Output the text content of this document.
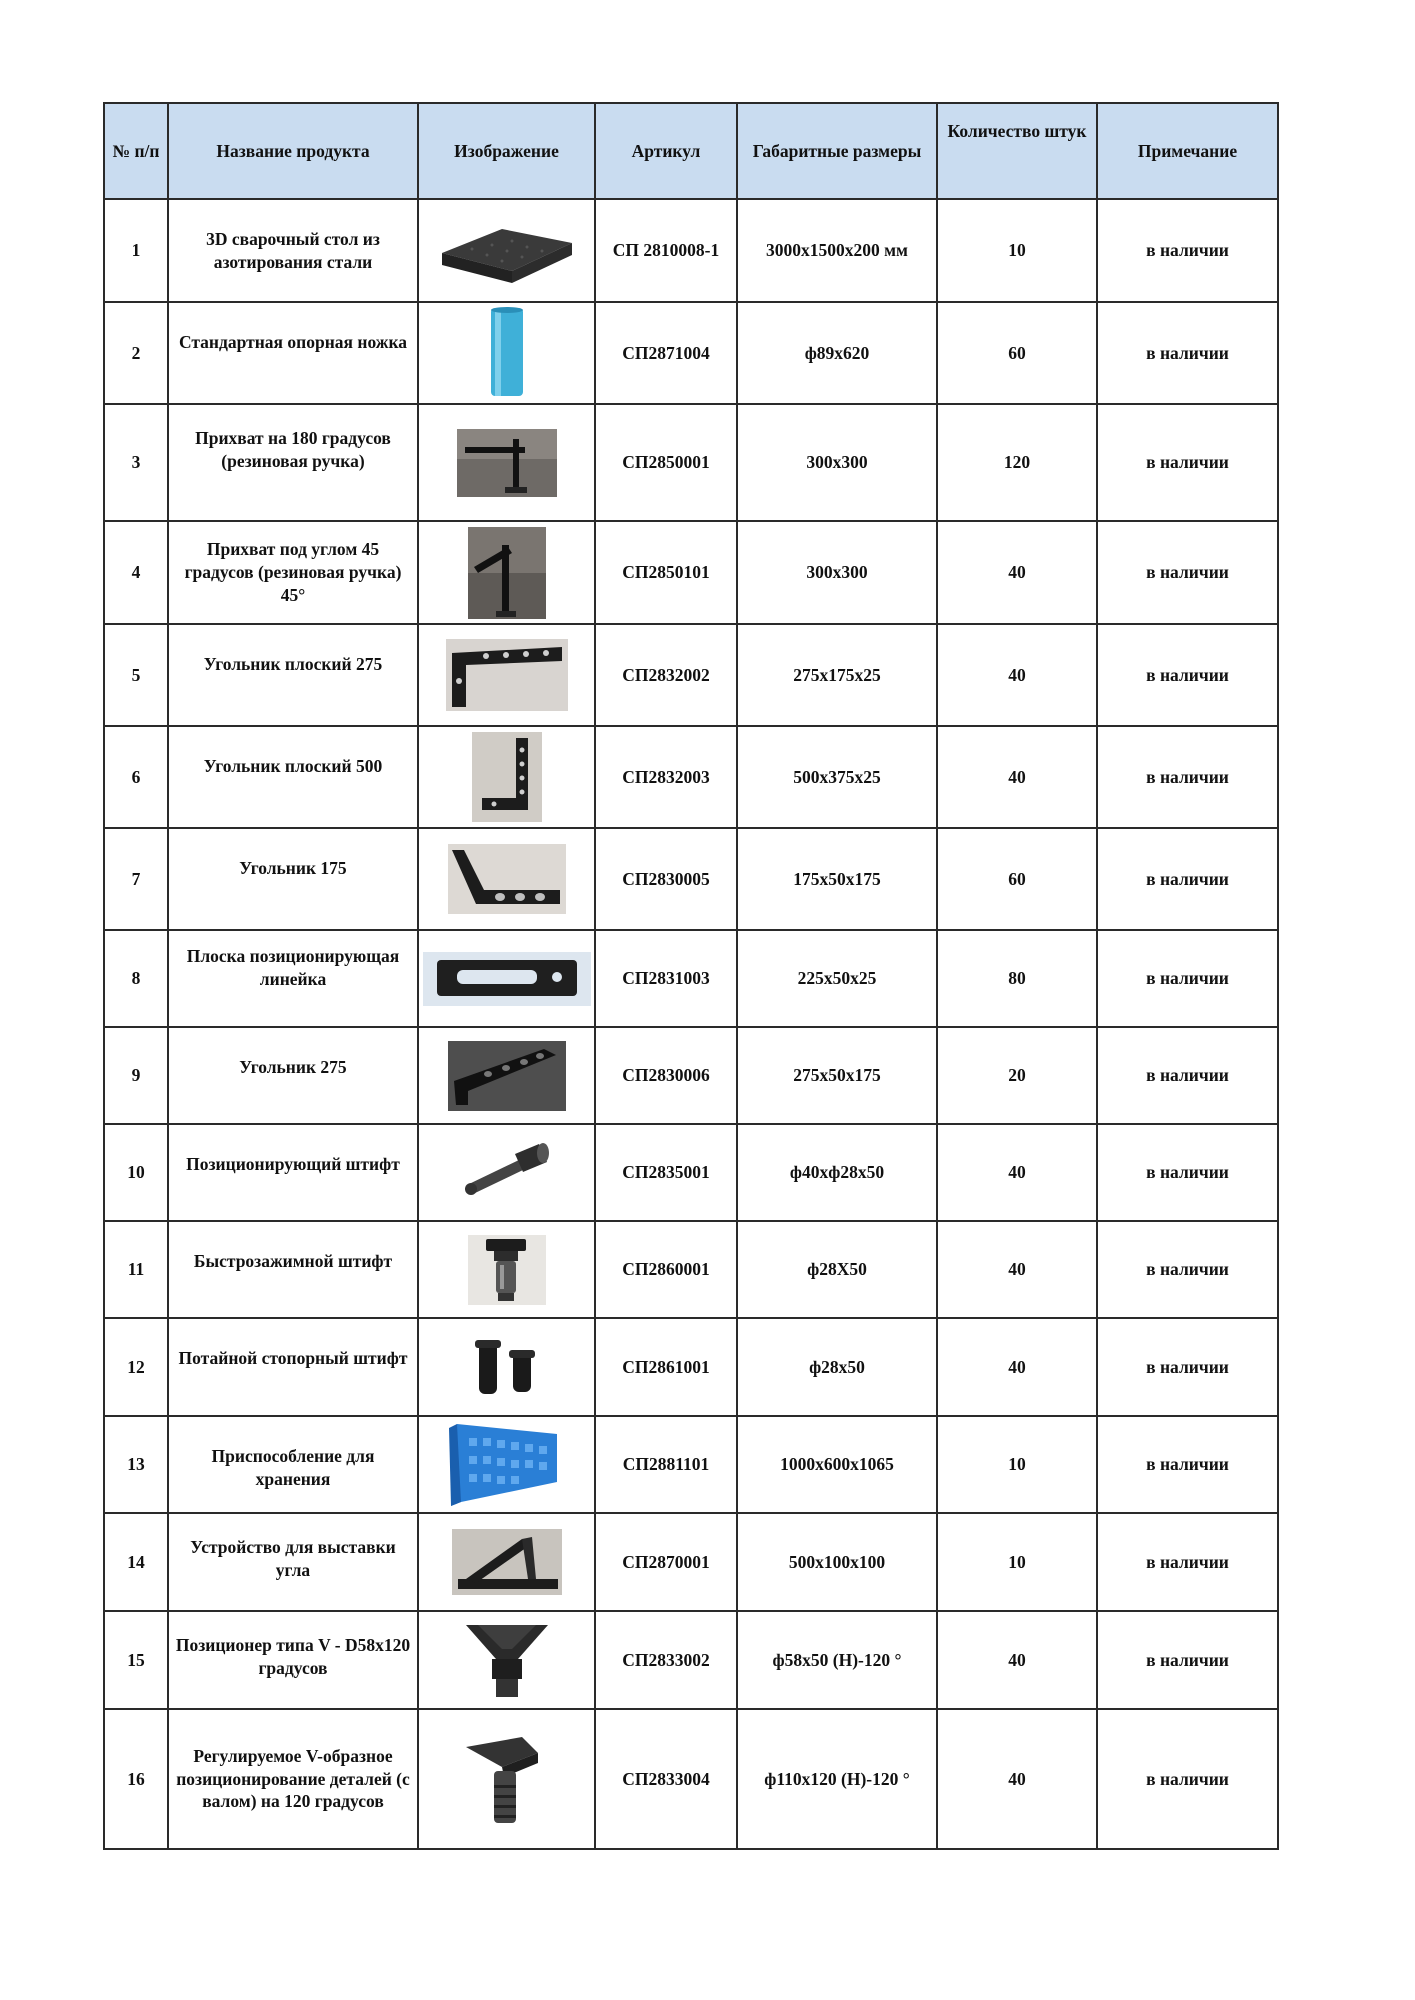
№ п/п	Название продукта	Изображение	Артикул	Габаритные размеры	Количество штук	Примечание
1	3D сварочный стол из азотирования стали		СП 2810008-1	3000x1500x200 мм	10	в наличии
2	Стандартная опорная ножка		СП2871004	ф89x620	60	в наличии
3	Прихват на 180 градусов (резиновая ручка)		СП2850001	300x300	120	в наличии
4	Прихват под углом 45 градусов (резиновая ручка) 45°		СП2850101	300x300	40	в наличии
5	Угольник плоский 275		СП2832002	275x175x25	40	в наличии
6	Угольник плоский 500		СП2832003	500x375x25	40	в наличии
7	Угольник 175		СП2830005	175x50x175	60	в наличии
8	Плоска позиционирующая линейка		СП2831003	225x50x25	80	в наличии
9	Угольник 275		СП2830006	275x50x175	20	в наличии
10	Позиционирующий штифт		СП2835001	ф40xф28x50	40	в наличии
11	Быстрозажимной штифт		СП2860001	ф28X50	40	в наличии
12	Потайной стопорный штифт		СП2861001	ф28x50	40	в наличии
13	Приспособление для хранения		СП2881101	1000x600x1065	10	в наличии
14	Устройство для выставки угла		СП2870001	500x100x100	10	в наличии
15	Позиционер типа V - D58x120 градусов		СП2833002	ф58x50 (H)-120 °	40	в наличии
16	Регулируемое V-образное позиционирование деталей (с валом) на 120 градусов		СП2833004	ф110x120 (H)-120 °	40	в наличии
